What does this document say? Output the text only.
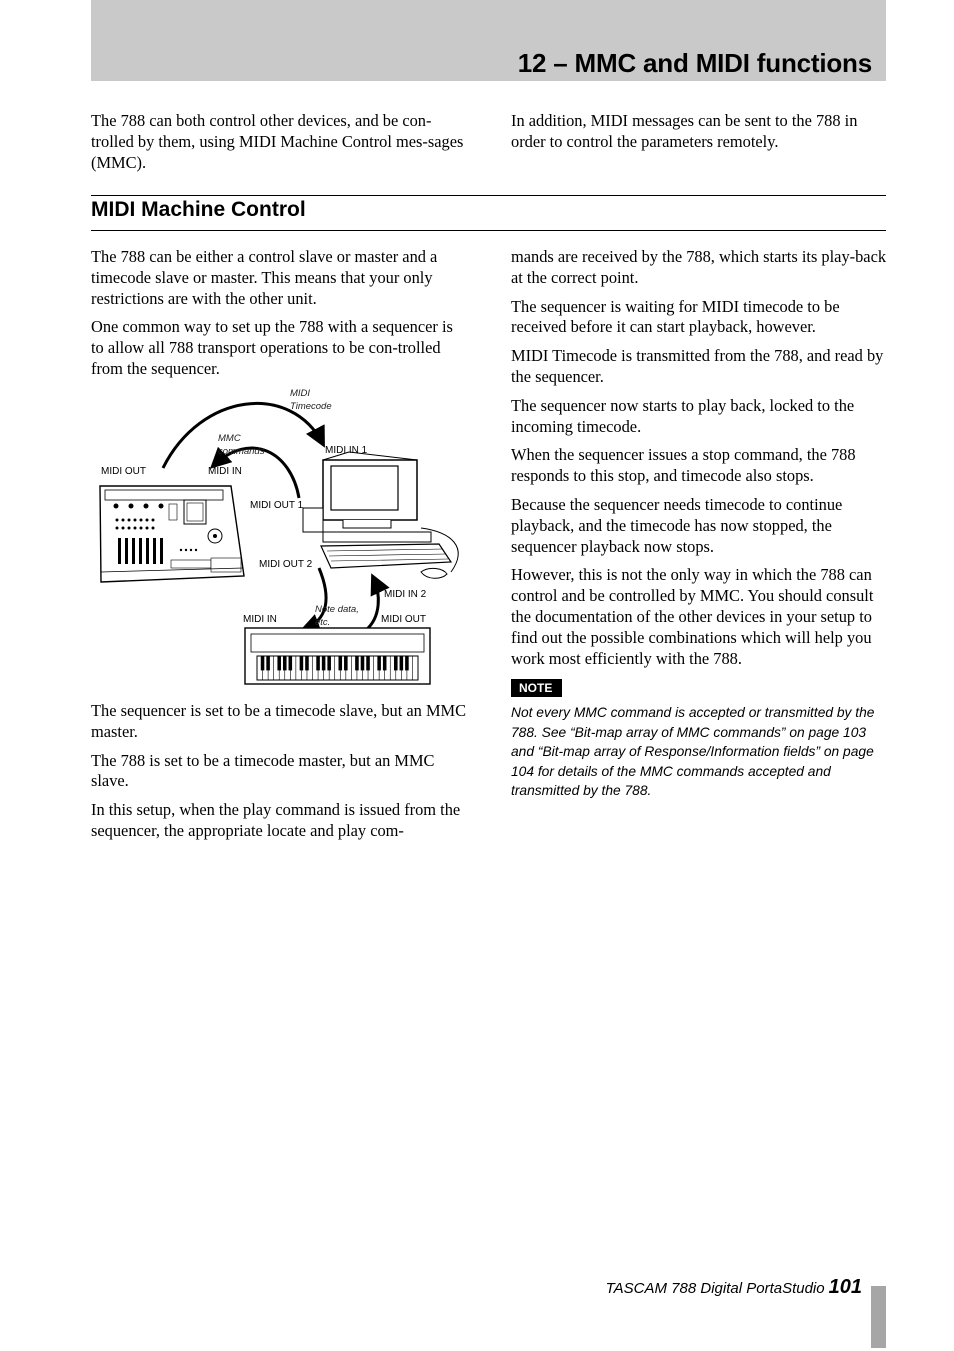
12 – MMC and MIDI functions

The 788 can both control other devices, and be con-trolled by them, using MIDI Machine Control mes-sages (MMC).

In addition, MIDI messages can be sent to the 788 in order to control the parameters remotely.

MIDI Machine Control

The 788 can be either a control slave or master and a timecode slave or master. This means that your only restrictions are with the other unit.

One common way to set up the 788 with a sequencer is to allow all 788 transport operations to be con-trolled from the sequencer.

MIDI
Timecode
MMC
commands	MIDI IN 1
MIDI OUT	MIDI IN
MIDI OUT 1
MIDI OUT 2
MIDI IN 2
Note data,
etc.
MIDI IN	MIDI OUT

The sequencer is set to be a timecode slave, but an MMC master.

The 788 is set to be a timecode master, but an MMC slave.

In this setup, when the play command is issued from the sequencer, the appropriate locate and play com-

mands are received by the 788, which starts its play-back at the correct point.

The sequencer is waiting for MIDI timecode to be received before it can start playback, however.

MIDI Timecode is transmitted from the 788, and read by the sequencer.

The sequencer now starts to play back, locked to the incoming timecode.

When the sequencer issues a stop command, the 788 responds to this stop, and timecode also stops.

Because the sequencer needs timecode to continue playback, and the timecode has now stopped, the sequencer playback now stops.

However, this is not the only way in which the 788 can control and be controlled by MMC. You should consult the documentation of the other devices in your setup to find out the possible combinations which will help you work most efficiently with the 788.

NOTE

Not every MMC command is accepted or transmitted by the 788. See “Bit-map array of MMC commands” on page 103 and “Bit-map array of Response/Information fields” on page 104 for details of the MMC commands accepted and transmitted by the 788.

TASCAM 788 Digital PortaStudio 101
